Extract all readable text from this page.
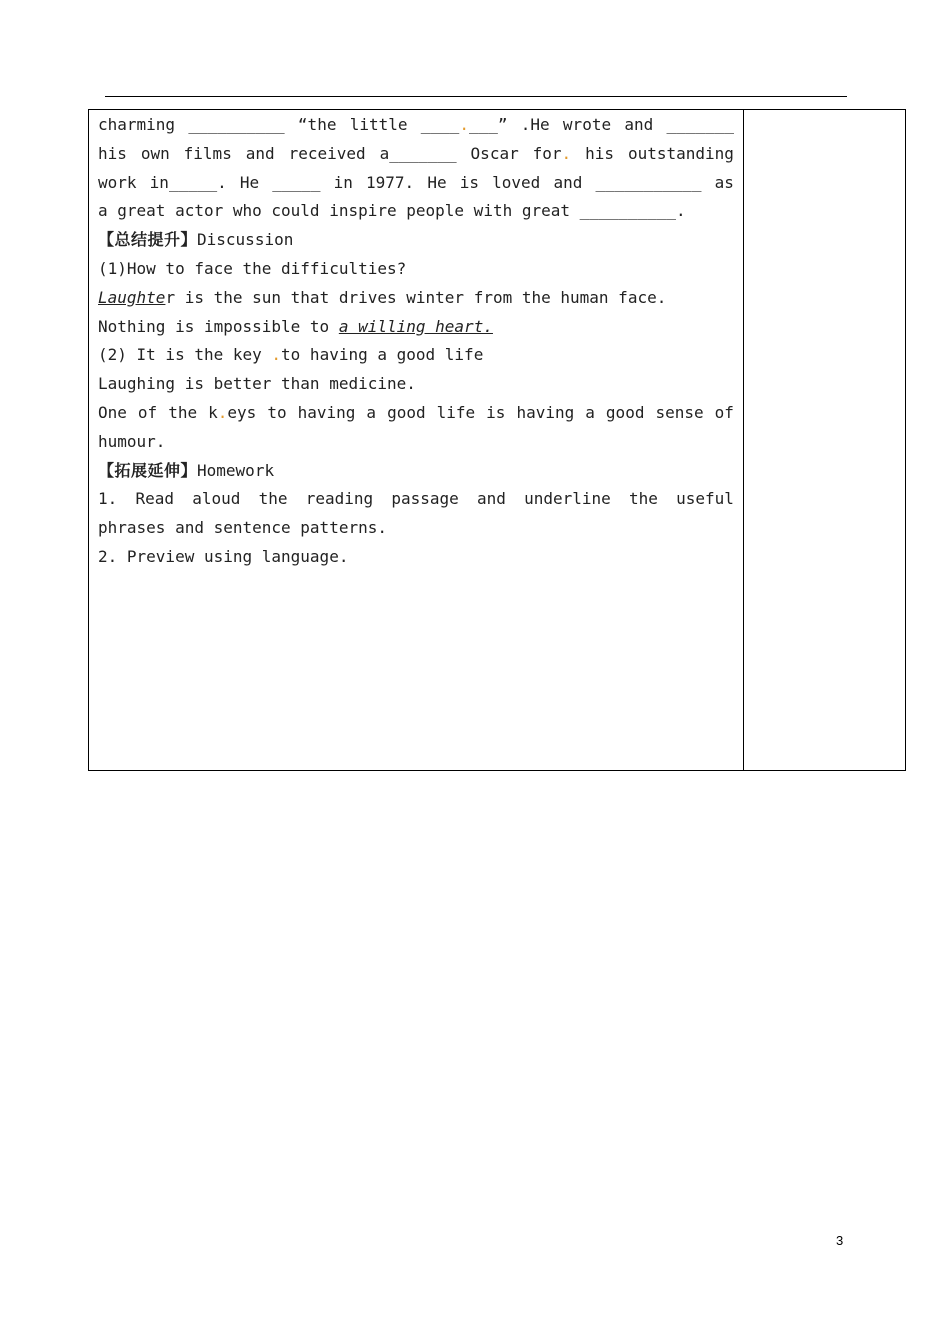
charming __________ “the little ____.___” .He wrote and _______
his own films and received a_______ Oscar for. his outstanding
work in_____. He _____ in 1977. He is loved and ___________ as
a great actor who could inspire people with great __________.
【总结提升】Discussion
(1)How to face the difficulties?
Laughter is the sun that drives winter from the human face.
Nothing is impossible to a willing heart.
(2) It is the key .to having a good life
Laughing is better than medicine.
One of the k.eys to having a good life is having a good sense of
humour.
【拓展延伸】Homework
1. Read aloud the reading passage and underline the useful
phrases and sentence patterns.
2. Preview using language.
3
